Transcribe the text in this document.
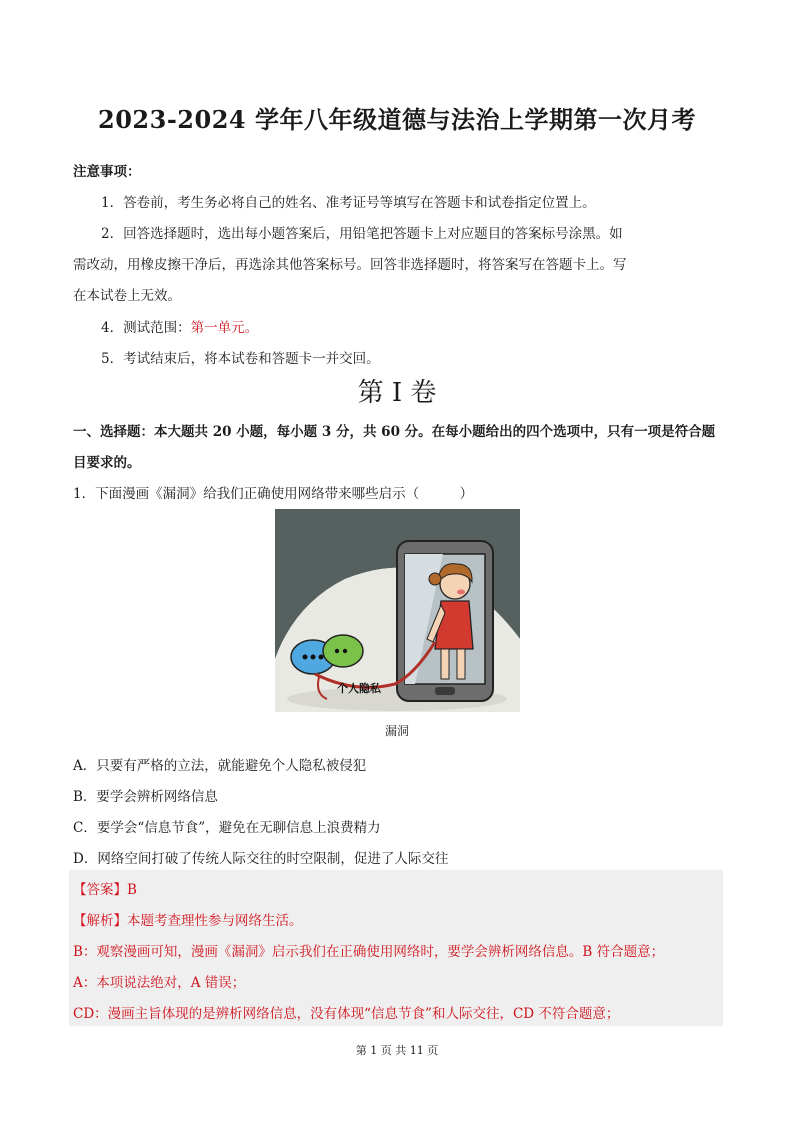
2023-2024 学年八年级道德与法治上学期第一次月考
注意事项：
1．答卷前，考生务必将自己的姓名、准考证号等填写在答题卡和试卷指定位置上。
2．回答选择题时，选出每小题答案后，用铅笔把答题卡上对应题目的答案标号涂黑。如
需改动，用橡皮擦干净后，再选涂其他答案标号。回答非选择题时，将答案写在答题卡上。写
在本试卷上无效。
4．测试范围：第一单元。
5．考试结束后，将本试卷和答题卡一并交回。
第 I 卷
一、选择题：本大题共 20 小题，每小题 3 分，共 60 分。在每小题给出的四个选项中，只有一项是符合题
目要求的。
1．下面漫画《漏洞》给我们正确使用网络带来哪些启示（　　　）
个人隐私
漏洞
A．只要有严格的立法，就能避免个人隐私被侵犯
B．要学会辨析网络信息
C．要学会“信息节食”，避免在无聊信息上浪费精力
D．网络空间打破了传统人际交往的时空限制，促进了人际交往
【答案】B
【解析】本题考查理性参与网络生活。
B：观察漫画可知，漫画《漏洞》启示我们在正确使用网络时，要学会辨析网络信息。B 符合题意；
A：本项说法绝对，A 错误；
CD：漫画主旨体现的是辨析网络信息，没有体现“信息节食”和人际交往，CD 不符合题意；
第 1 页 共 11 页
